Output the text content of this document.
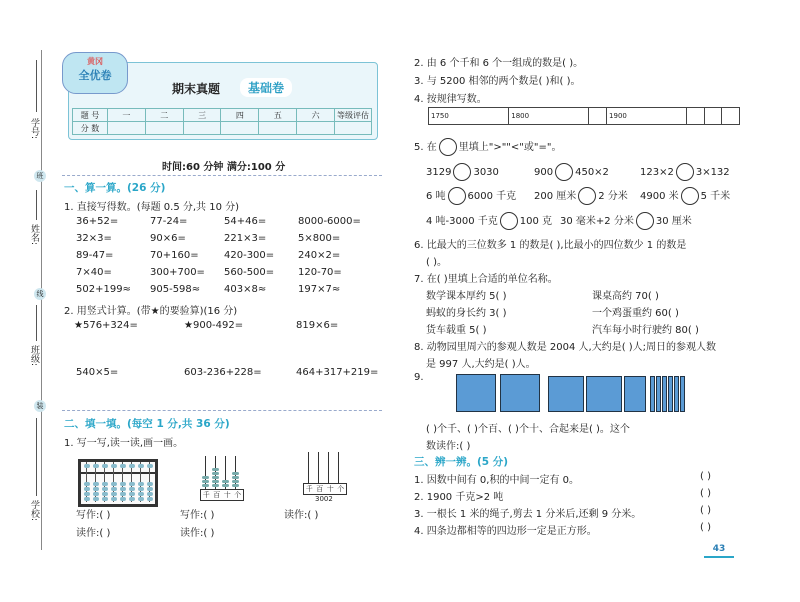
学号:
班
姓名:
线
班级:
装
学校:
黄冈
全优卷
期末真题	基础卷
题 号	一	二	三	四	五	六	等级评估
分 数							
时间:60 分钟 满分:100 分
一、算一算。(26 分)
1. 直接写得数。(每题 0.5 分,共 10 分)
36+52=	77-24=	54+46=	8000-6000=
32×3=	90×6=	221×3=	5×800=
89-47=	70+160=	420-300= 240×2=
7×40=	300+700= 560-500= 120-70=
502+199≈ 905-598≈ 403×8≈	197×7≈
2. 用竖式计算。(带★的要验算)(16 分)
★576+324=	★900-492=	819×6=
540×5=	603-236+228=	464+317+219=
二、填一填。(每空 1 分,共 36 分)
1. 写一写,读一读,画一画。
千 百 十 个
千 百 十 个
3002
写作:( )
读作:( )
写作:( )
读作:( )
读作:( )
2. 由 6 个千和 6 个一组成的数是( )。
3. 与 5200 相邻的两个数是( )和( )。
4. 按规律写数。
1750	1800		1900			
5. 在 里填上">""<"或"="。
3129 3030	900 450×2	123×2 3×132
6 吨 6000 千克 200 厘米 2 分米 4900 米 5 千米
4 吨-3000 千克 100 克 30 毫米+2 分米 30 厘米
6. 比最大的三位数多 1 的数是( ),比最小的四位数少 1 的数是
( )。
7. 在( )里填上合适的单位名称。
数学课本厚约 5( )	课桌高约 70( )
蚂蚁的身长约 3( )	一个鸡蛋重约 60( )
货车载重 5( )	汽车每小时行驶约 80( )
8. 动物园里周六的参观人数是 2004 人,大约是( )人;周日的参观人数
是 997 人,大约是( )人。
9.
( )个千、( )个百、( )个十、合起来是( )。这个
数读作:( )
三、辨一辨。(5 分)
1. 因数中间有 0,积的中间一定有 0。	( )
2. 1900 千克>2 吨	( )
3. 一根长 1 米的绳子,剪去 1 分米后,还剩 9 分米。	( )
4. 四条边都相等的四边形一定是正方形。	( )
43
